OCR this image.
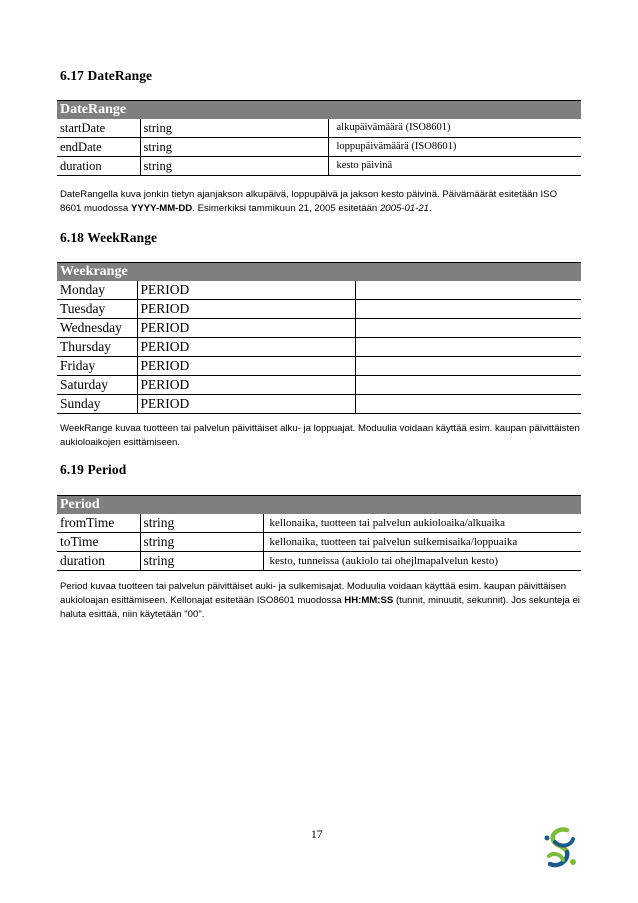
6.17 DateRange
DateRange		
startDate	string	alkupäivämäärä (ISO8601)
endDate	string	loppupäivämäärä (ISO8601)
duration	string	kesto päivinä
DateRangella kuva jonkin tietyn ajanjakson alkupäivä, loppupäivä ja jakson kesto päivinä. Päivämäärät esitetään ISO 8601 muodossa YYYY-MM-DD. Esimerkiksi tammikuun 21, 2005 esitetään 2005-01-21.
6.18 WeekRange
Weekrange		
Monday	PERIOD	
Tuesday	PERIOD	
Wednesday	PERIOD	
Thursday	PERIOD	
Friday	PERIOD	
Saturday	PERIOD	
Sunday	PERIOD	
WeekRange kuvaa tuotteen tai palvelun päivittäiset alku- ja loppuajat. Moduulia voidaan käyttää esim. kaupan päivittäisten aukioloaikojen esittämiseen.
6.19 Period
Period		
fromTime	string	kellonaika, tuotteen tai palvelun aukioloaika/alkuaika
toTime	string	kellonaika, tuotteen tai palvelun sulkemisaika/loppuaika
duration	string	kesto, tunneissa (aukiolo tai ohejlmapalvelun kesto)
Period kuvaa tuotteen tai palvelun päivittäiset auki- ja sulkemisajat. Moduulia voidaan käyttää esim. kaupan päivittäisen aukioloajan esittämiseen. Kellonajat esitetään ISO8601 muodossa HH:MM:SS (tunnit, minuutit, sekunnit). Jos sekunteja ei haluta esittää, niin käytetään "00".
17
